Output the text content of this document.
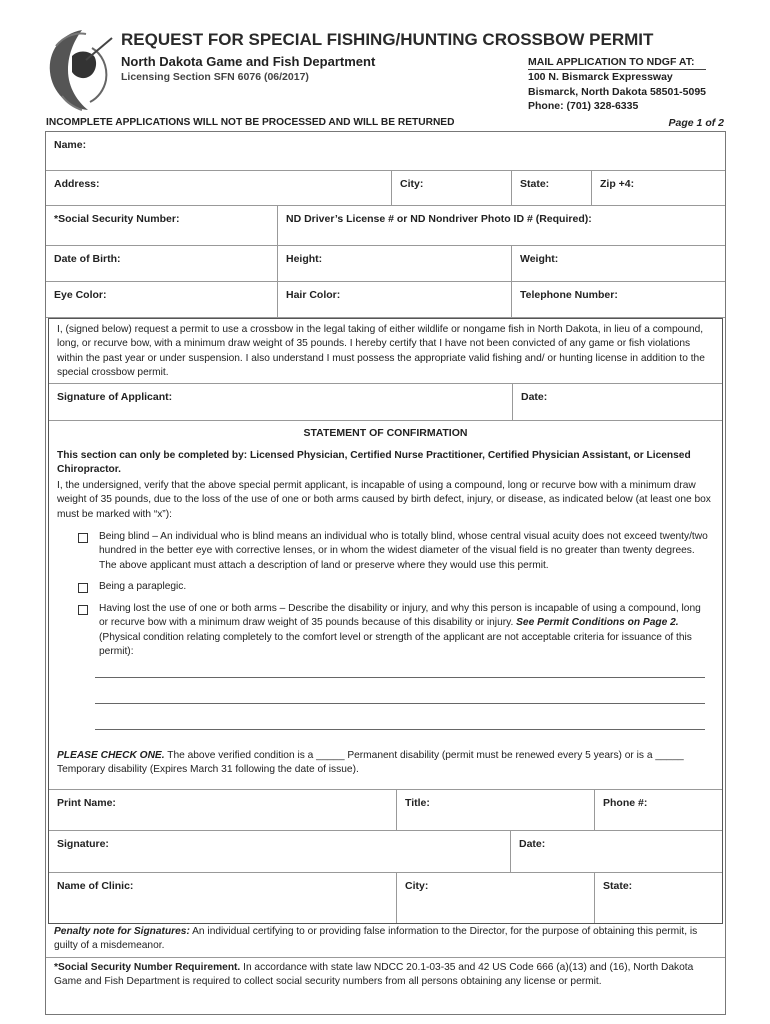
REQUEST FOR SPECIAL FISHING/HUNTING CROSSBOW PERMIT
North Dakota Game and Fish Department
Licensing Section SFN 6076 (06/2017)
MAIL APPLICATION TO NDGF AT:
100 N. Bismarck Expressway
Bismarck, North Dakota 58501-5095
Phone: (701) 328-6335
INCOMPLETE APPLICATIONS WILL NOT BE PROCESSED AND WILL BE RETURNED	Page 1 of 2
Name:
Address:	City:	State:	Zip +4:
*Social Security Number:	ND Driver’s License # or ND Nondriver Photo ID # (Required):
Date of Birth:	Height:	Weight:
Eye Color:	Hair Color:	Telephone Number:
I, (signed below) request a permit to use a crossbow in the legal taking of either wildlife or nongame fish in North Dakota, in lieu of a compound, long, or recurve bow, with a minimum draw weight of 35 pounds. I hereby certify that I have not been convicted of any game or fish violations within the past year or under suspension. I also understand I must possess the appropriate valid fishing and/ or hunting license in addition to the special crossbow permit.
Signature of Applicant:	Date:
STATEMENT OF CONFIRMATION
This section can only be completed by: Licensed Physician, Certified Nurse Practitioner, Certified Physician Assistant, or Licensed Chiropractor.
I, the undersigned, verify that the above special permit applicant, is incapable of using a compound, long or recurve bow with a minimum draw weight of 35 pounds, due to the loss of the use of one or both arms caused by birth defect, injury, or disease, as indicated below (at least one box must be marked with “x”):
Being blind – An individual who is blind means an individual who is totally blind, whose central visual acuity does not exceed twenty/two hundred in the better eye with corrective lenses, or in whom the widest diameter of the visual field is no greater than twenty degrees. The above applicant must attach a description of land or preserve where they would use this permit.
Being a paraplegic.
Having lost the use of one or both arms – Describe the disability or injury, and why this person is incapable of using a compound, long or recurve bow with a minimum draw weight of 35 pounds because of this disability or injury. See Permit Conditions on Page 2. (Physical condition relating completely to the comfort level or strength of the applicant are not acceptable criteria for issuance of this permit):
PLEASE CHECK ONE. The above verified condition is a _____ Permanent disability (permit must be renewed every 5 years) or is a _____ Temporary disability (Expires March 31 following the date of issue).
Print Name:	Title:	Phone #:
Signature:	Date:
Name of Clinic:	City:	State:
Penalty note for Signatures: An individual certifying to or providing false information to the Director, for the purpose of obtaining this permit, is guilty of a misdemeanor.
*Social Security Number Requirement. In accordance with state law NDCC 20.1-03-35 and 42 US Code 666 (a)(13) and (16), North Dakota Game and Fish Department is required to collect social security numbers from all persons obtaining any license or permit.
